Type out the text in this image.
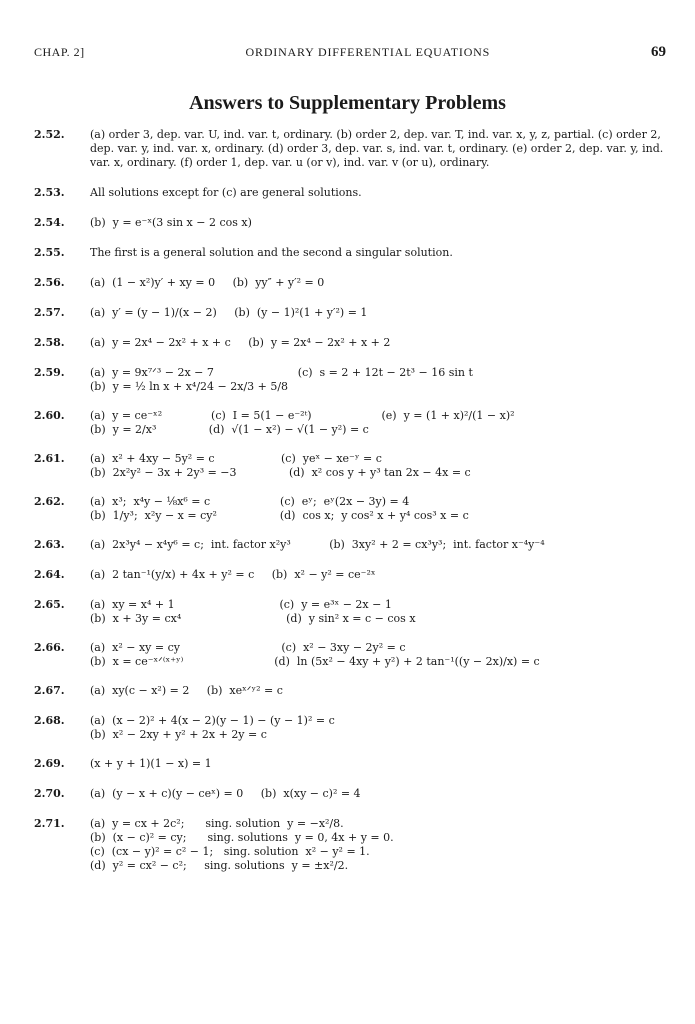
CHAP. 2]	ORDINARY DIFFERENTIAL EQUATIONS	69
Answers to Supplementary Problems
2.52.	(a) order 3, dep. var. U, ind. var. t, ordinary. (b) order 2, dep. var. T, ind. var. x, y, z, partial. (c) order 2, dep. var. y, ind. var. x, ordinary. (d) order 3, dep. var. s, ind. var. t, ordinary. (e) order 2, dep. var. y, ind. var. x, ordinary. (f) order 1, dep. var. u (or v), ind. var. v (or u), ordinary.
2.53.	All solutions except for (c) are general solutions.
2.54.	(b)  y = e⁻ˣ(3 sin x − 2 cos x)
2.55.	The first is a general solution and the second a singular solution.
2.56.	(a)  (1 − x²)y′ + xy = 0     (b)  yy″ + y′² = 0
2.57.	(a)  y′ = (y − 1)/(x − 2)     (b)  (y − 1)²(1 + y′²) = 1
2.58.	(a)  y = 2x⁴ − 2x² + x + c     (b)  y = 2x⁴ − 2x² + x + 2
2.59.	(a)  y = 9x⁷ᐟ³ − 2x − 7                        (c)  s = 2 + 12t − 2t³ − 16 sin t
(b)  y = ½ ln x + x⁴/24 − 2x/3 + 5/8
2.60.	(a)  y = ce⁻ˣ²              (c)  I = 5(1 − e⁻²ᵗ)                    (e)  y = (1 + x)²/(1 − x)²
(b)  y = 2/x³               (d)  √(1 − x²) − √(1 − y²) = c
2.61.	(a)  x² + 4xy − 5y² = c                   (c)  yeˣ − xe⁻ʸ = c
(b)  2x²y² − 3x + 2y³ = −3               (d)  x² cos y + y³ tan 2x − 4x = c
2.62.	(a)  x³;  x⁴y − ⅛x⁶ = c                    (c)  eʸ;  eʸ(2x − 3y) = 4
(b)  1/y³;  x²y − x = cy²                  (d)  cos x;  y cos² x + y⁴ cos³ x = c
2.63.	(a)  2x³y⁴ − x⁴y⁶ = c;  int. factor x²y³           (b)  3xy² + 2 = cx³y³;  int. factor x⁻⁴y⁻⁴
2.64.	(a)  2 tan⁻¹(y/x) + 4x + y² = c     (b)  x² − y² = ce⁻²ˣ
2.65.	(a)  xy = x⁴ + 1                              (c)  y = e³ˣ − 2x − 1
(b)  x + 3y = cx⁴                              (d)  y sin² x = c − cos x
2.66.	(a)  x² − xy = cy                             (c)  x² − 3xy − 2y² = c
(b)  x = ce⁻ˣᐟ⁽ˣ⁺ʸ⁾                          (d)  ln (5x² − 4xy + y²) + 2 tan⁻¹((y − 2x)/x) = c
2.67.	(a)  xy(c − x²) = 2     (b)  xeˣᐟʸ² = c
2.68.	(a)  (x − 2)² + 4(x − 2)(y − 1) − (y − 1)² = c
(b)  x² − 2xy + y² + 2x + 2y = c
2.69.	(x + y + 1)(1 − x) = 1
2.70.	(a)  (y − x + c)(y − ceˣ) = 0     (b)  x(xy − c)² = 4
2.71.	(a)  y = cx + 2c²;      sing. solution  y = −x²/8.
(b)  (x − c)² = cy;      sing. solutions  y = 0, 4x + y = 0.
(c)  (cx − y)² = c² − 1;   sing. solution  x² − y² = 1.
(d)  y² = cx² − c²;     sing. solutions  y = ±x²/2.
